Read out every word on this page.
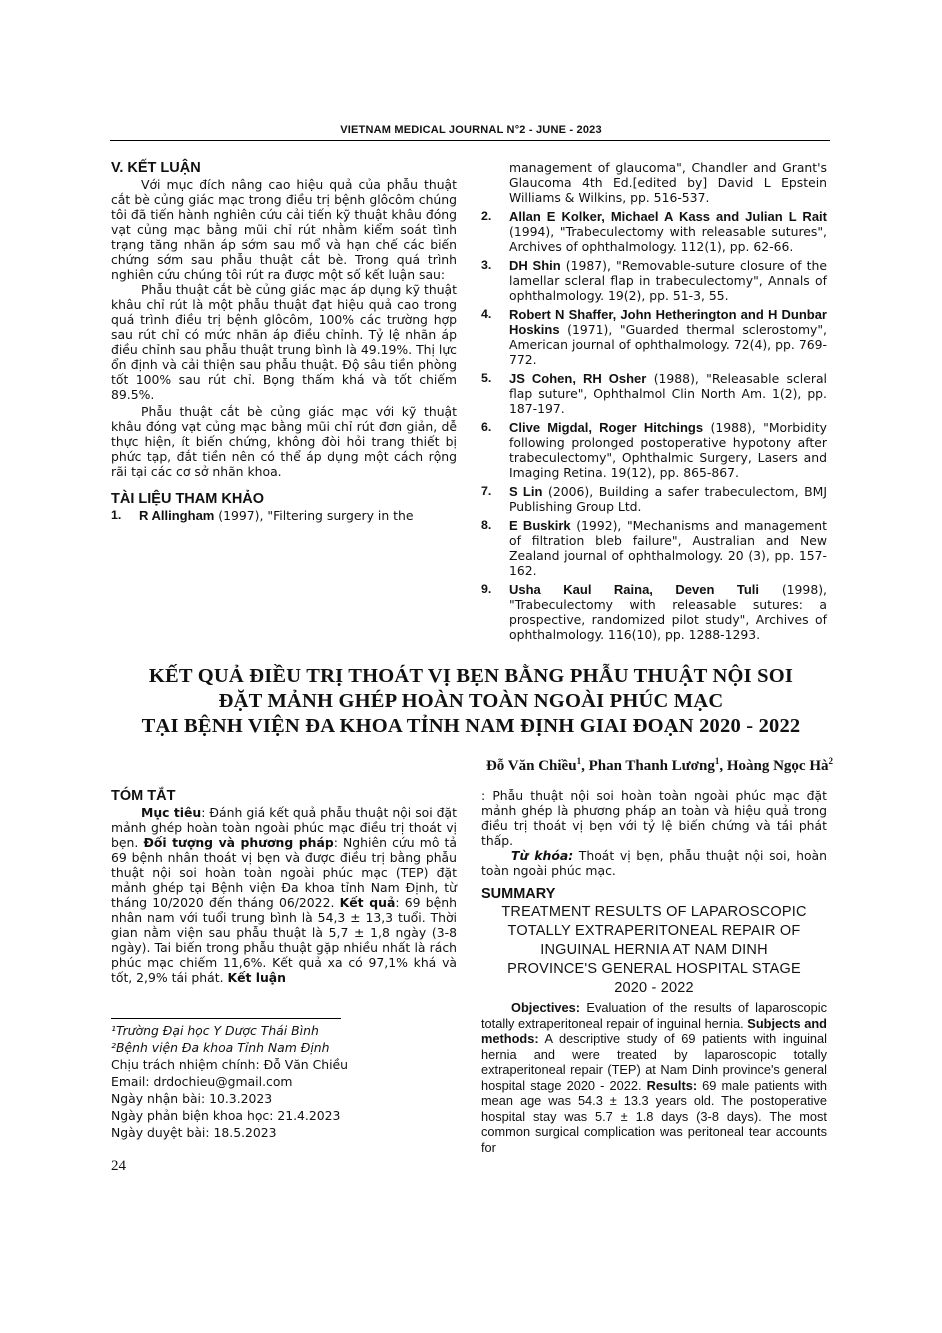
VIETNAM MEDICAL JOURNAL N°2 - JUNE - 2023
V. KẾT LUẬN

Với mục đích nâng cao hiệu quả của phẫu thuật cắt bè củng giác mạc trong điều trị bệnh glôcôm chúng tôi đã tiến hành nghiên cứu cải tiến kỹ thuật khâu đóng vạt củng mạc bằng mũi chỉ rút nhằm kiểm soát tình trạng tăng nhãn áp sớm sau mổ và hạn chế các biến chứng sớm sau phẫu thuật cắt bè. Trong quá trình nghiên cứu chúng tôi rút ra được một số kết luận sau:

Phẫu thuật cắt bè củng giác mạc áp dụng kỹ thuật khâu chỉ rút là một phẫu thuật đạt hiệu quả cao trong quá trình điều trị bệnh glôcôm, 100% các trường hợp sau rút chỉ có mức nhãn áp điều chỉnh. Tỷ lệ nhãn áp điều chỉnh sau phẫu thuật trung bình là 49.19%. Thị lực ổn định và cải thiện sau phẫu thuật. Độ sâu tiền phòng tốt 100% sau rút chỉ. Bọng thấm khá và tốt chiếm 89.5%.

Phẫu thuật cắt bè củng giác mạc với kỹ thuật khâu đóng vạt củng mạc bằng mũi chỉ rút đơn giản, dễ thực hiện, ít biến chứng, không đòi hỏi trang thiết bị phức tạp, đắt tiền nên có thể áp dụng một cách rộng rãi tại các cơ sở nhãn khoa.

TÀI LIỆU THAM KHẢO
1.	R Allingham (1997), "Filtering surgery in the
management of glaucoma", Chandler and Grant's Glaucoma 4th Ed.[edited by] David L Epstein Williams & Wilkins, pp. 516-537.
2.	Allan E Kolker, Michael A Kass and Julian L Rait (1994), "Trabeculectomy with releasable sutures", Archives of ophthalmology. 112(1), pp. 62-66.
3.	DH Shin (1987), "Removable-suture closure of the lamellar scleral flap in trabeculectomy", Annals of ophthalmology. 19(2), pp. 51-3, 55.
4.	Robert N Shaffer, John Hetherington and H Dunbar Hoskins (1971), "Guarded thermal sclerostomy", American journal of ophthalmology. 72(4), pp. 769-772.
5.	JS Cohen, RH Osher (1988), "Releasable scleral flap suture", Ophthalmol Clin North Am. 1(2), pp. 187-197.
6.	Clive Migdal, Roger Hitchings (1988), "Morbidity following prolonged postoperative hypotony after trabeculectomy", Ophthalmic Surgery, Lasers and Imaging Retina. 19(12), pp. 865-867.
7.	S Lin (2006), Building a safer trabeculectom, BMJ Publishing Group Ltd.
8.	E Buskirk (1992), "Mechanisms and management of filtration bleb failure", Australian and New Zealand journal of ophthalmology. 20 (3), pp. 157-162.
9.	Usha Kaul Raina, Deven Tuli (1998), "Trabeculectomy with releasable sutures: a prospective, randomized pilot study", Archives of ophthalmology. 116(10), pp. 1288-1293.
KẾT QUẢ ĐIỀU TRỊ THOÁT VỊ BẸN BẰNG PHẪU THUẬT NỘI SOI
ĐẶT MẢNH GHÉP HOÀN TOÀN NGOÀI PHÚC MẠC
TẠI BỆNH VIỆN ĐA KHOA TỈNH NAM ĐỊNH GIAI ĐOẠN 2020 - 2022
Đỗ Văn Chiều$^1$, Phan Thanh Lương$^1$, Hoàng Ngọc $Hà^2$
TÓM TẮT

Mục tiêu: Đánh giá kết quả phẫu thuật nội soi đặt mảnh ghép hoàn toàn ngoài phúc mạc điều trị thoát vị bẹn. Đối tượng và phương pháp: Nghiên cứu mô tả 69 bệnh nhân thoát vị bẹn và được điều trị bằng phẫu thuật nội soi hoàn toàn ngoài phúc mạc (TEP) đặt mảnh ghép tại Bệnh viện Đa khoa tỉnh Nam Định, từ tháng 10/2020 đến tháng 06/2022. Kết quả: 69 bệnh nhân nam với tuổi trung bình là 54,3 ± 13,3 tuổi. Thời gian nằm viện sau phẫu thuật là 5,7 ± 1,8 ngày (3-8 ngày). Tai biến trong phẫu thuật gặp nhiều nhất là rách phúc mạc chiếm 11,6%. Kết quả xa có 97,1% khá và tốt, 2,9% tái phát. Kết luận

: Phẫu thuật nội soi hoàn toàn ngoài phúc mạc đặt mảnh ghép là phương pháp an toàn và hiệu quả trong điều trị thoát vị bẹn với tỷ lệ biến chứng và tái phát thấp.

Từ khóa: Thoát vị bẹn, phẫu thuật nội soi, hoàn toàn ngoài phúc mạc.

SUMMARY
TREATMENT RESULTS OF LAPAROSCOPIC
TOTALLY EXTRAPERITONEAL REPAIR OF
INGUINAL HERNIA AT NAM DINH
PROVINCE'S GENERAL HOSPITAL STAGE
2020 - 2022

Objectives: Evaluation of the results of laparoscopic totally extraperitoneal repair of inguinal hernia. Subjects and methods: A descriptive study of 69 patients with inguinal hernia and were treated by laparoscopic totally extraperitoneal repair (TEP) at Nam Dinh province's general hospital stage 2020 - 2022. Results: 69 male patients with mean age was 54.3 ± 13.3 years old. The postoperative hospital stay was 5.7 ± 1.8 days (3-8 days). The most common surgical complication was peritoneal tear accounts for

¹Trường Đại học Y Dược Thái Bình
²Bệnh viện Đa khoa Tỉnh Nam Định
Chịu trách nhiệm chính: Đỗ Văn Chiều
Email: drdochieu@gmail.com
Ngày nhận bài: 10.3.2023
Ngày phản biện khoa học: 21.4.2023
Ngày duyệt bài: 18.5.2023
24
